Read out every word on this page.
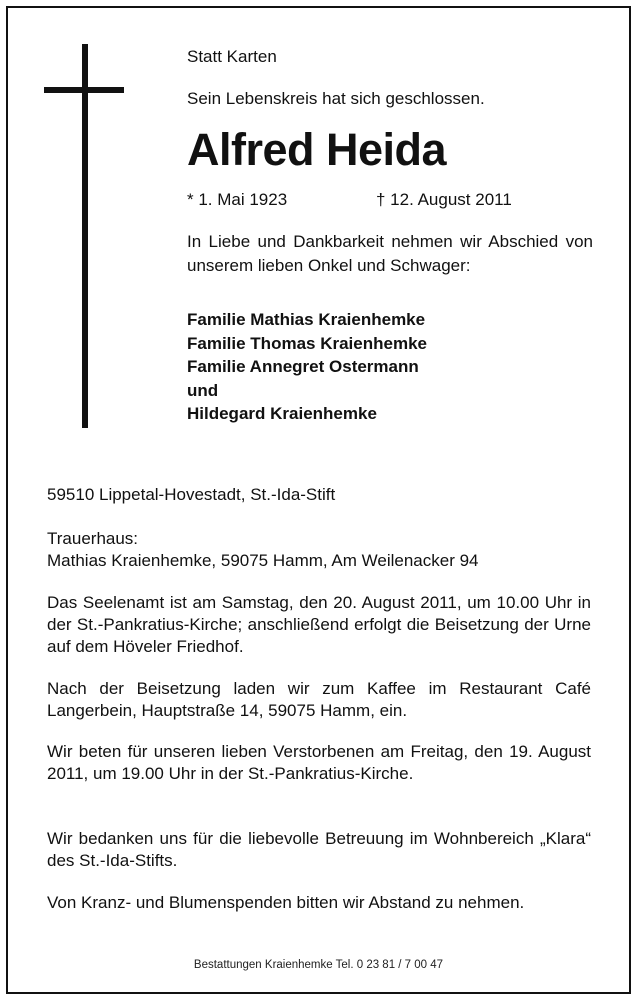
Statt Karten
Sein Lebenskreis hat sich geschlossen.
Alfred Heida
* 1. Mai 1923	† 12. August 2011
In Liebe und Dankbarkeit nehmen wir Abschied von unserem lieben Onkel und Schwager:
Familie Mathias Kraienhemke
Familie Thomas Kraienhemke
Familie Annegret Ostermann
und
Hildegard Kraienhemke
59510 Lippetal-Hovestadt, St.-Ida-Stift
Trauerhaus:
Mathias Kraienhemke, 59075 Hamm, Am Weilenacker 94
Das Seelenamt ist am Samstag, den 20. August 2011, um 10.00 Uhr in der St.-Pankratius-Kirche; anschließend erfolgt die Beisetzung der Urne auf dem Höveler Friedhof.
Nach der Beisetzung laden wir zum Kaffee im Restaurant Café Langerbein, Hauptstraße 14, 59075 Hamm, ein.
Wir beten für unseren lieben Verstorbenen am Freitag, den 19. August 2011, um 19.00 Uhr in der St.-Pankratius-Kirche.
Wir bedanken uns für die liebevolle Betreuung im Wohnbereich „Klara“ des St.-Ida-Stifts.
Von Kranz- und Blumenspenden bitten wir Abstand zu nehmen.
Bestattungen Kraienhemke Tel. 0 23 81 / 7 00 47
